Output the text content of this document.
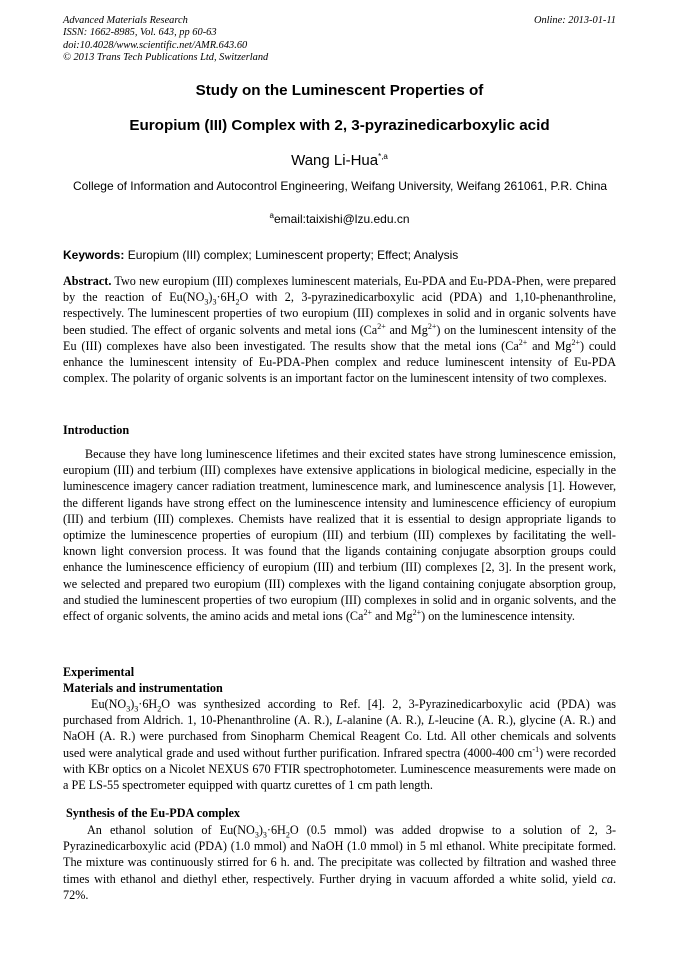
Advanced Materials Research
ISSN: 1662-8985, Vol. 643, pp 60-63
doi:10.4028/www.scientific.net/AMR.643.60
© 2013 Trans Tech Publications Ltd, Switzerland
Online: 2013-01-11
Study on the Luminescent Properties of
Europium (III) Complex with 2, 3-pyrazinedicarboxylic acid
Wang Li-Hua$^{*,a}$
College of Information and Autocontrol Engineering, Weifang University, Weifang 261061, P.R. China
$^a$email:taixishi@lzu.edu.cn
Keywords: Europium (III) complex; Luminescent property; Effect; Analysis
Abstract. Two new europium (III) complexes luminescent materials, Eu-PDA and Eu-PDA-Phen, were prepared by the reaction of $Eu(NO_3)_3\cdot 6H_2O$ with 2, 3-pyrazinedicarboxylic acid (PDA) and 1,10-phenanthroline, respectively. The luminescent properties of two europium (III) complexes in solid and in organic solvents have been studied. The effect of organic solvents and metal ions ($Ca^{2+}$ and $Mg^{2+}$) on the luminescent intensity of the Eu (III) complexes have also been investigated. The results show that the metal ions ($Ca^{2+}$ and $Mg^{2+}$) could enhance the luminescent intensity of Eu-PDA-Phen complex and reduce luminescent intensity of Eu-PDA complex. The polarity of organic solvents is an important factor on the luminescent intensity of two complexes.
Introduction
Because they have long luminescence lifetimes and their excited states have strong luminescence emission, europium (III) and terbium (III) complexes have extensive applications in biological medicine, especially in the luminescence imagery cancer radiation treatment, luminescence mark, and luminescence analysis [1]. However, the different ligands have strong effect on the luminescence intensity and luminescence efficiency of europium (III) and terbium (III) complexes. Chemists have realized that it is essential to design appropriate ligands to optimize the luminescence properties of europium (III) and terbium (III) complexes by facilitating the well-known light conversion process. It was found that the ligands containing conjugate absorption groups could enhance the luminescence efficiency of europium (III) and terbium (III) complexes [2, 3]. In the present work, we selected and prepared two europium (III) complexes with the ligand containing conjugate absorption group, and studied the luminescent properties of two europium (III) complexes in solid and in organic solvents, and the effect of organic solvents, the amino acids and metal ions ($Ca^{2+}$ and $Mg^{2+}$) on the luminescence intensity.
Experimental
Materials and instrumentation
$Eu(NO_3)_3\cdot 6H_2O$ was synthesized according to Ref. [4]. 2, 3-Pyrazinedicarboxylic acid (PDA) was purchased from Aldrich. 1, 10-Phenanthroline (A. R.), L-alanine (A. R.), L-leucine (A. R.), glycine (A. R.) and NaOH (A. R.) were purchased from Sinopharm Chemical Reagent Co. Ltd. All other chemicals and solvents used were analytical grade and used without further purification. Infrared spectra (4000-400 $cm^{-1}$) were recorded with KBr optics on a Nicolet NEXUS 670 FTIR spectrophotometer. Luminescence measurements were made on a PE LS-55 spectrometer equipped with quartz curettes of 1 cm path length.
Synthesis of the Eu-PDA complex
An ethanol solution of $Eu(NO_3)_3\cdot 6H_2O$ (0.5 mmol) was added dropwise to a solution of 2, 3-Pyrazinedicarboxylic acid (PDA) (1.0 mmol) and NaOH (1.0 mmol) in 5 ml ethanol. White precipitate formed. The mixture was continuously stirred for 6 h. and. The precipitate was collected by filtration and washed three times with ethanol and diethyl ether, respectively. Further drying in vacuum afforded a white solid, yield ca. 72%.
